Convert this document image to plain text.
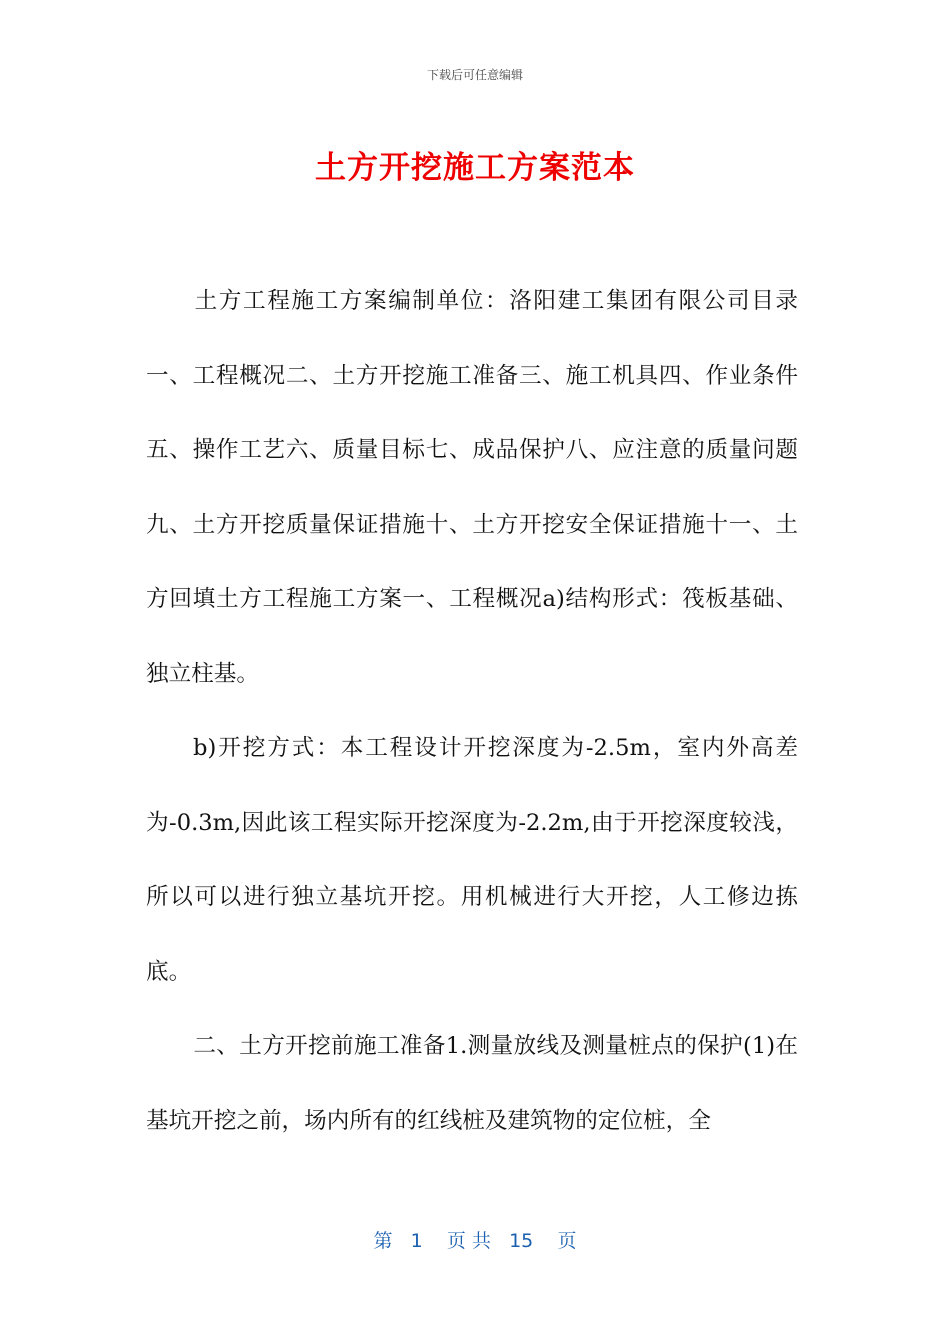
下载后可任意编辑
土方开挖施工方案范本

土方工程施工方案编制单位：洛阳建工集团有限公司目录一、工程概况二、土方开挖施工准备三、施工机具四、作业条件五、操作工艺六、质量目标七、成品保护八、应注意的质量问题九、土方开挖质量保证措施十、土方开挖安全保证措施十一、土方回填土方工程施工方案一、工程概况a)结构形式：筏板基础、独立柱基。

b)开挖方式：本工程设计开挖深度为-2.5m，室内外高差为-0.3m,因此该工程实际开挖深度为-2.2m,由于开挖深度较浅，所以可以进行独立基坑开挖。用机械进行大开挖，人工修边拣底。

二、土方开挖前施工准备1.测量放线及测量桩点的保护(1)在基坑开挖之前，场内所有的红线桩及建筑物的定位桩，全

第 1 页 共 15 页
